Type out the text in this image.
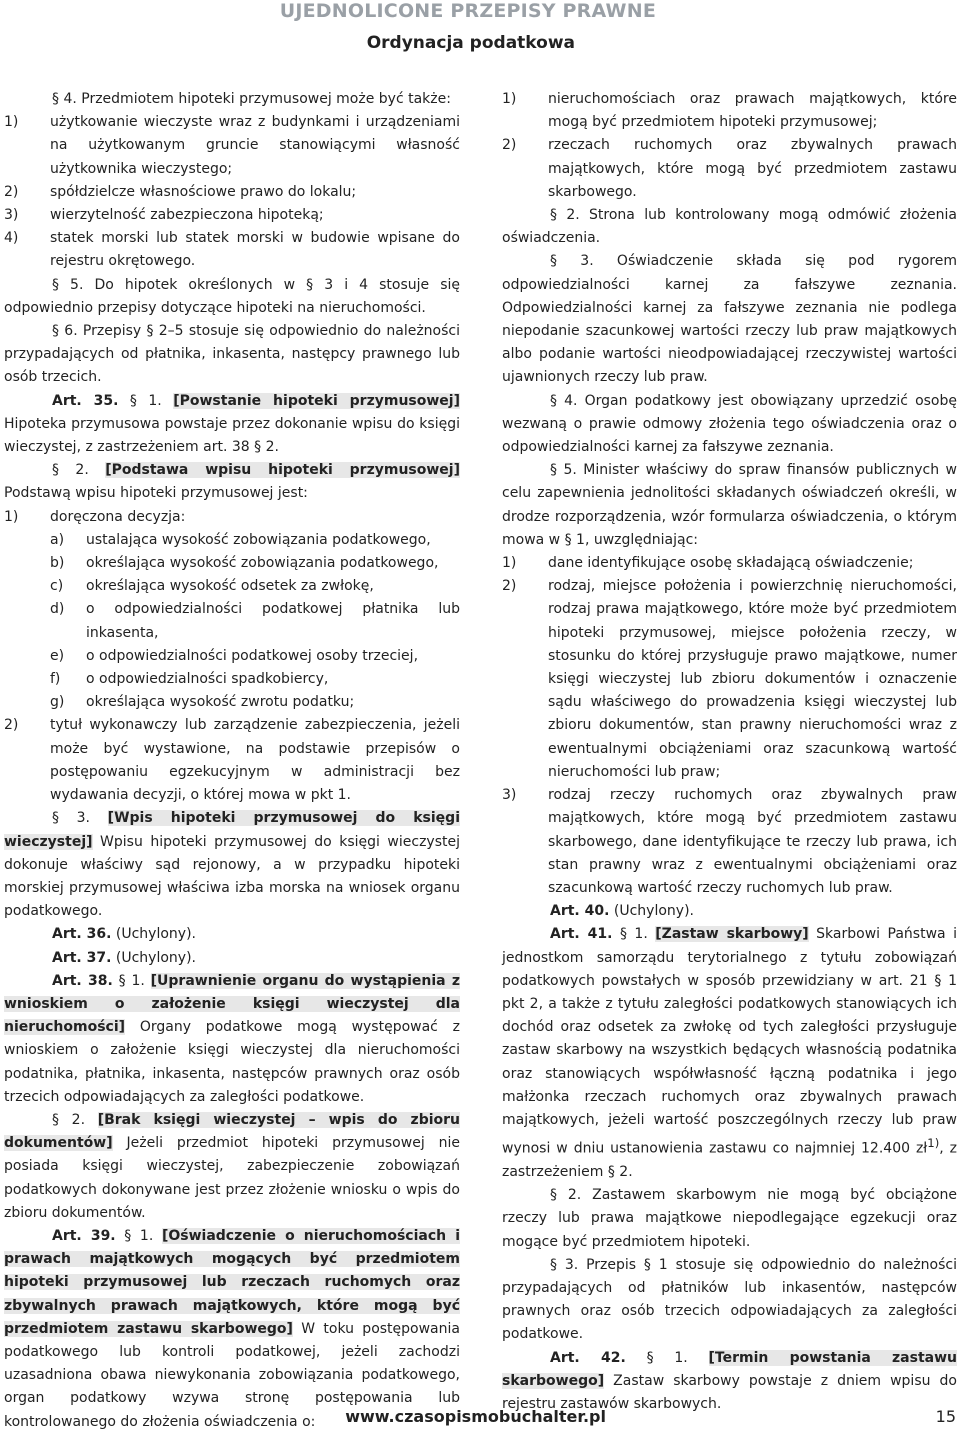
UJEDNOLICONE PRZEPISY PRAWNE
Ordynacja podatkowa

§ 4. Przedmiotem hipoteki przymusowej może być także:

1)	użytkowanie wieczyste wraz z budynkami i urządzeniami na użytkowanym gruncie stanowiącymi własność użytkownika wieczystego;
2)	spółdzielcze własnościowe prawo do lokalu;
3)	wierzytelność zabezpieczona hipoteką;
4)	statek morski lub statek morski w budowie wpisane do rejestru okrętowego.

§ 5. Do hipotek określonych w § 3 i 4 stosuje się odpowiednio przepisy dotyczące hipoteki na nieruchomości.

§ 6. Przepisy § 2–5 stosuje się odpowiednio do należności przypadających od płatnika, inkasenta, następcy prawnego lub osób trzecich.

Art. 35. § 1. [Powstanie hipoteki przymusowej] Hipoteka przymusowa powstaje przez dokonanie wpisu do księgi wieczystej, z zastrzeżeniem art. 38 § 2.

§ 2. [Podstawa wpisu hipoteki przymusowej] Podstawą wpisu hipoteki przymusowej jest:

1)	doręczona decyzja:
a)	ustalająca wysokość zobowiązania podatkowego,
b)	określająca wysokość zobowiązania podatkowego,
c)	określająca wysokość odsetek za zwłokę,
d)	o odpowiedzialności podatkowej płatnika lub inkasenta,
e)	o odpowiedzialności podatkowej osoby trzeciej,
f)	o odpowiedzialności spadkobiercy,
g)	określająca wysokość zwrotu podatku;
2)	tytuł wykonawczy lub zarządzenie zabezpieczenia, jeżeli może być wystawione, na podstawie przepisów o postępowaniu egzekucyjnym w administracji bez wydawania decyzji, o której mowa w pkt 1.

§ 3. [Wpis hipoteki przymusowej do księgi wieczystej] Wpisu hipoteki przymusowej do księgi wieczystej dokonuje właściwy sąd rejonowy, a w przypadku hipoteki morskiej przymusowej właściwa izba morska na wniosek organu podatkowego.

Art. 36. (Uchylony).

Art. 37. (Uchylony).

Art. 38. § 1. [Uprawnienie organu do wystąpienia z wnioskiem o założenie księgi wieczystej dla nieruchomości] Organy podatkowe mogą występować z wnioskiem o założenie księgi wieczystej dla nieruchomości podatnika, płatnika, inkasenta, następców prawnych oraz osób trzecich odpowiadających za zaległości podatkowe.

§ 2. [Brak księgi wieczystej – wpis do zbioru dokumentów] Jeżeli przedmiot hipoteki przymusowej nie posiada księgi wieczystej, zabezpieczenie zobowiązań podatkowych dokonywane jest przez złożenie wniosku o wpis do zbioru dokumentów.

Art. 39. § 1. [Oświadczenie o nieruchomościach i prawach majątkowych mogących być przedmiotem hipoteki przymusowej lub rzeczach ruchomych oraz zbywalnych prawach majątkowych, które mogą być przedmiotem zastawu skarbowego] W toku postępowania podatkowego lub kontroli podatkowej, jeżeli zachodzi uzasadniona obawa niewykonania zobowiązania podatkowego, organ podatkowy wzywa stronę postępowania lub kontrolowanego do złożenia oświadczenia o:

1)	nieruchomościach oraz prawach majątkowych, które mogą być przedmiotem hipoteki przymusowej;
2)	rzeczach ruchomych oraz zbywalnych prawach majątkowych, które mogą być przedmiotem zastawu skarbowego.

§ 2. Strona lub kontrolowany mogą odmówić złożenia oświadczenia.

§ 3. Oświadczenie składa się pod rygorem odpowiedzialności karnej za fałszywe zeznania. Odpowiedzialności karnej za fałszywe zeznania nie podlega niepodanie szacunkowej wartości rzeczy lub praw majątkowych albo podanie wartości nieodpowiadającej rzeczywistej wartości ujawnionych rzeczy lub praw.

§ 4. Organ podatkowy jest obowiązany uprzedzić osobę wezwaną o prawie odmowy złożenia tego oświadczenia oraz o odpowiedzialności karnej za fałszywe zeznania.

§ 5. Minister właściwy do spraw finansów publicznych w celu zapewnienia jednolitości składanych oświadczeń określi, w drodze rozporządzenia, wzór formularza oświadczenia, o którym mowa w § 1, uwzględniając:

1)	dane identyfikujące osobę składającą oświadczenie;
2)	rodzaj, miejsce położenia i powierzchnię nieruchomości, rodzaj prawa majątkowego, które może być przedmiotem hipoteki przymusowej, miejsce położenia rzeczy, w stosunku do której przysługuje prawo majątkowe, numer księgi wieczystej lub zbioru dokumentów i oznaczenie sądu właściwego do prowadzenia księgi wieczystej lub zbioru dokumentów, stan prawny nieruchomości wraz z ewentualnymi obciążeniami oraz szacunkową wartość nieruchomości lub praw;
3)	rodzaj rzeczy ruchomych oraz zbywalnych praw majątkowych, które mogą być przedmiotem zastawu skarbowego, dane identyfikujące te rzeczy lub prawa, ich stan prawny wraz z ewentualnymi obciążeniami oraz szacunkową wartość rzeczy ruchomych lub praw.

Art. 40. (Uchylony).

Art. 41. § 1. [Zastaw skarbowy] Skarbowi Państwa i jednostkom samorządu terytorialnego z tytułu zobowiązań podatkowych powstałych w sposób przewidziany w art. 21 § 1 pkt 2, a także z tytułu zaległości podatkowych stanowiących ich dochód oraz odsetek za zwłokę od tych zaległości przysługuje zastaw skarbowy na wszystkich będących własnością podatnika oraz stanowiących współwłasność łączną podatnika i jego małżonka rzeczach ruchomych oraz zbywalnych prawach majątkowych, jeżeli wartość poszczególnych rzeczy lub praw wynosi w dniu ustanowienia zastawu co najmniej 12.400 $zł^{1)}$, z zastrzeżeniem § 2.

§ 2. Zastawem skarbowym nie mogą być obciążone rzeczy lub prawa majątkowe niepodlegające egzekucji oraz mogące być przedmiotem hipoteki.

§ 3. Przepis § 1 stosuje się odpowiednio do należności przypadających od płatników lub inkasentów, następców prawnych oraz osób trzecich odpowiadających za zaległości podatkowe.

Art. 42. § 1. [Termin powstania zastawu skarbowego] Zastaw skarbowy powstaje z dniem wpisu do rejestru zastawów skarbowych.

www.czasopismobuchalter.pl	15
